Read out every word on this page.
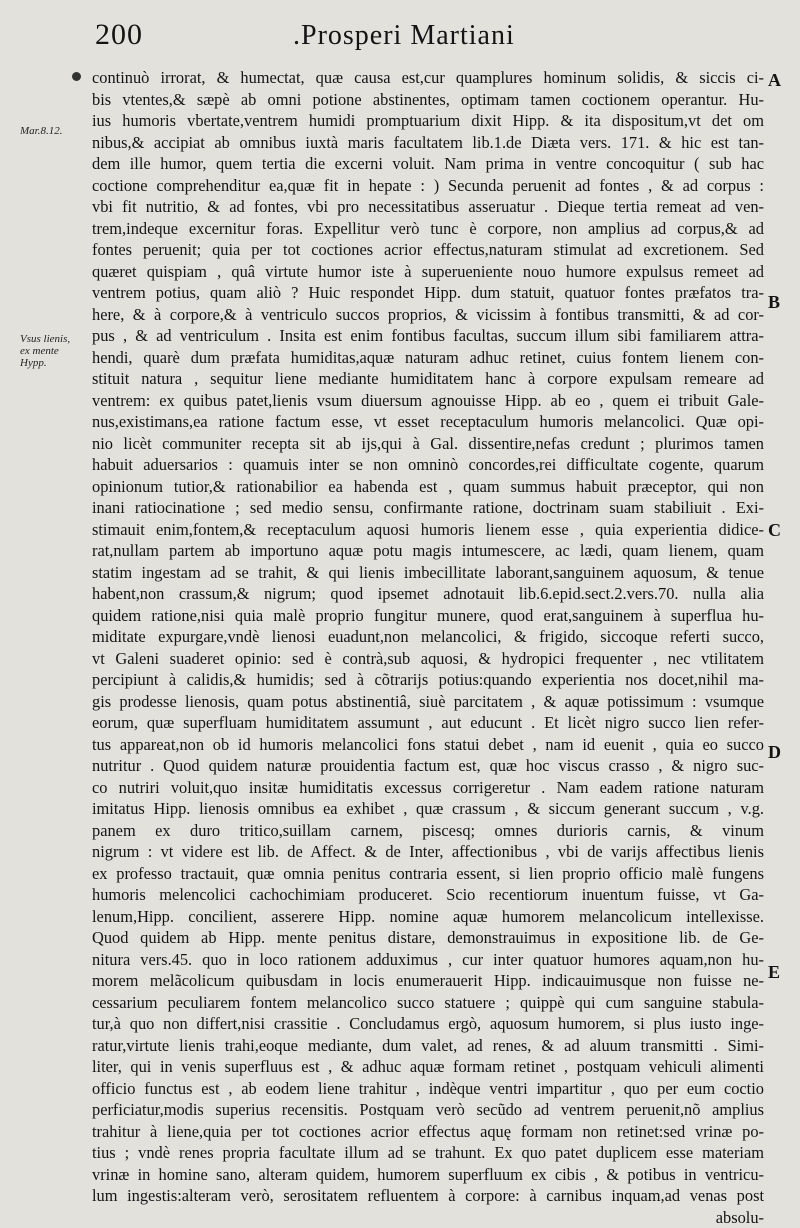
200	.Prosperi Martiani
Mar.8.12.
Vsus lienis,
ex mente
Hypp.
A
B
C
D
E
continuò irrorat, & humectat, quæ causa est,cur quamplures hominum solidis, & siccis ci-
bis vtentes,& sæpè ab omni potione abstinentes, optimam tamen coctionem operantur. Hu-
ius humoris vbertate,ventrem humidi promptuarium dixit Hipp. & ita dispositum,vt det om
nibus,& accipiat ab omnibus iuxtà maris facultatem lib.1.de Diæta vers. 171. & hic est tan-
dem ille humor, quem tertia die excerni voluit. Nam prima in ventre concoquitur ( sub hac
coctione comprehenditur ea,quæ fit in hepate : ) Secunda peruenit ad fontes , & ad corpus :
vbi fit nutritio, & ad fontes, vbi pro necessitatibus asseruatur . Dieque tertia remeat ad ven-
trem,indeque excernitur foras. Expellitur verò tunc è corpore, non amplius ad corpus,& ad
fontes peruenit; quia per tot coctiones acrior effectus,naturam stimulat ad excretionem. Sed
quæret quispiam , quâ virtute humor iste à superueniente nouo humore expulsus remeet ad
ventrem potius, quam aliò ? Huic respondet Hipp. dum statuit, quatuor fontes præfatos tra-
here, & à corpore,& à ventriculo succos proprios, & vicissim à fontibus transmitti, & ad cor-
pus , & ad ventriculum . Insita est enim fontibus facultas, succum illum sibi familiarem attra-
hendi, quarè dum præfata humiditas,aquæ naturam adhuc retinet, cuius fontem lienem con-
stituit natura , sequitur liene mediante humiditatem hanc à corpore expulsam remeare ad
ventrem: ex quibus patet,lienis vsum diuersum agnouisse Hipp. ab eo , quem ei tribuit Gale-
nus,existimans,ea ratione factum esse, vt esset receptaculum humoris melancolici. Quæ opi-
nio licèt communiter recepta sit ab ijs,qui à Gal. dissentire,nefas credunt ; plurimos tamen
habuit aduersarios : quamuis inter se non omninò concordes,rei difficultate cogente, quarum
opinionum tutior,& rationabilior ea habenda est , quam summus habuit præceptor, qui non
inani ratiocinatione ; sed medio sensu, confirmante ratione, doctrinam suam stabiliuit . Exi-
stimauit enim,fontem,& receptaculum aquosi humoris lienem esse , quia experientia didice-
rat,nullam partem ab importuno aquæ potu magis intumescere, ac lædi, quam lienem, quam
statim ingestam ad se trahit, & qui lienis imbecillitate laborant,sanguinem aquosum, & tenue
habent,non crassum,& nigrum; quod ipsemet adnotauit lib.6.epid.sect.2.vers.70. nulla alia
quidem ratione,nisi quia malè proprio fungitur munere, quod erat,sanguinem à superflua hu-
miditate expurgare,vndè lienosi euadunt,non melancolici, & frigido, siccoque referti succo,
vt Galeni suaderet opinio: sed è contrà,sub aquosi, & hydropici frequenter , nec vtilitatem
percipiunt à calidis,& humidis; sed à cõtrarijs potius:quando experientia nos docet,nihil ma-
gis prodesse lienosis, quam potus abstinentiâ, siuè parcitatem , & aquæ potissimum : vsumque
eorum, quæ superfluam humiditatem assumunt , aut educunt . Et licèt nigro succo lien refer-
tus appareat,non ob id humoris melancolici fons statui debet , nam id euenit , quia eo succo
nutritur . Quod quidem naturæ prouidentia factum est, quæ hoc viscus crasso , & nigro suc-
co nutriri voluit,quo insitæ humiditatis excessus corrigeretur . Nam eadem ratione naturam
imitatus Hipp. lienosis omnibus ea exhibet , quæ crassum , & siccum generant succum , v.g.
panem ex duro tritico,suillam carnem, piscesq; omnes durioris carnis, & vinum
nigrum : vt videre est lib. de Affect. & de Inter, affectionibus , vbi de varijs affectibus lienis
ex professo tractauit, quæ omnia penitus contraria essent, si lien proprio officio malè fungens
humoris melencolici cachochimiam produceret. Scio recentiorum inuentum fuisse, vt Ga-
lenum,Hipp. concilient, asserere Hipp. nomine aquæ humorem melancolicum intellexisse.
Quod quidem ab Hipp. mente penitus distare, demonstrauimus in expositione lib. de Ge-
nitura vers.45. quo in loco rationem adduximus , cur inter quatuor humores aquam,non hu-
morem melãcolicum quibusdam in locis enumerauerit Hipp. indicauimusque non fuisse ne-
cessarium peculiarem fontem melancolico succo statuere ; quippè qui cum sanguine stabula-
tur,à quo non differt,nisi crassitie . Concludamus ergò, aquosum humorem, si plus iusto inge-
ratur,virtute lienis trahi,eoque mediante, dum valet, ad renes, & ad aluum transmitti . Simi-
liter, qui in venis superfluus est , & adhuc aquæ formam retinet , postquam vehiculi alimenti
officio functus est , ab eodem liene trahitur , indèque ventri impartitur , quo per eum coctio
perficiatur,modis superius recensitis. Postquam verò secũdo ad ventrem peruenit,nõ amplius
trahitur à liene,quia per tot coctiones acrior effectus aquę formam non retinet:sed vrinæ po-
tius ; vndè renes propria facultate illum ad se trahunt. Ex quo patet duplicem esse materiam
vrinæ in homine sano, alteram quidem, humorem superfluum ex cibis , & potibus in ventricu-
lum ingestis:alteram verò, serositatem refluentem à corpore: à carnibus inquam,ad venas post
absolu-
